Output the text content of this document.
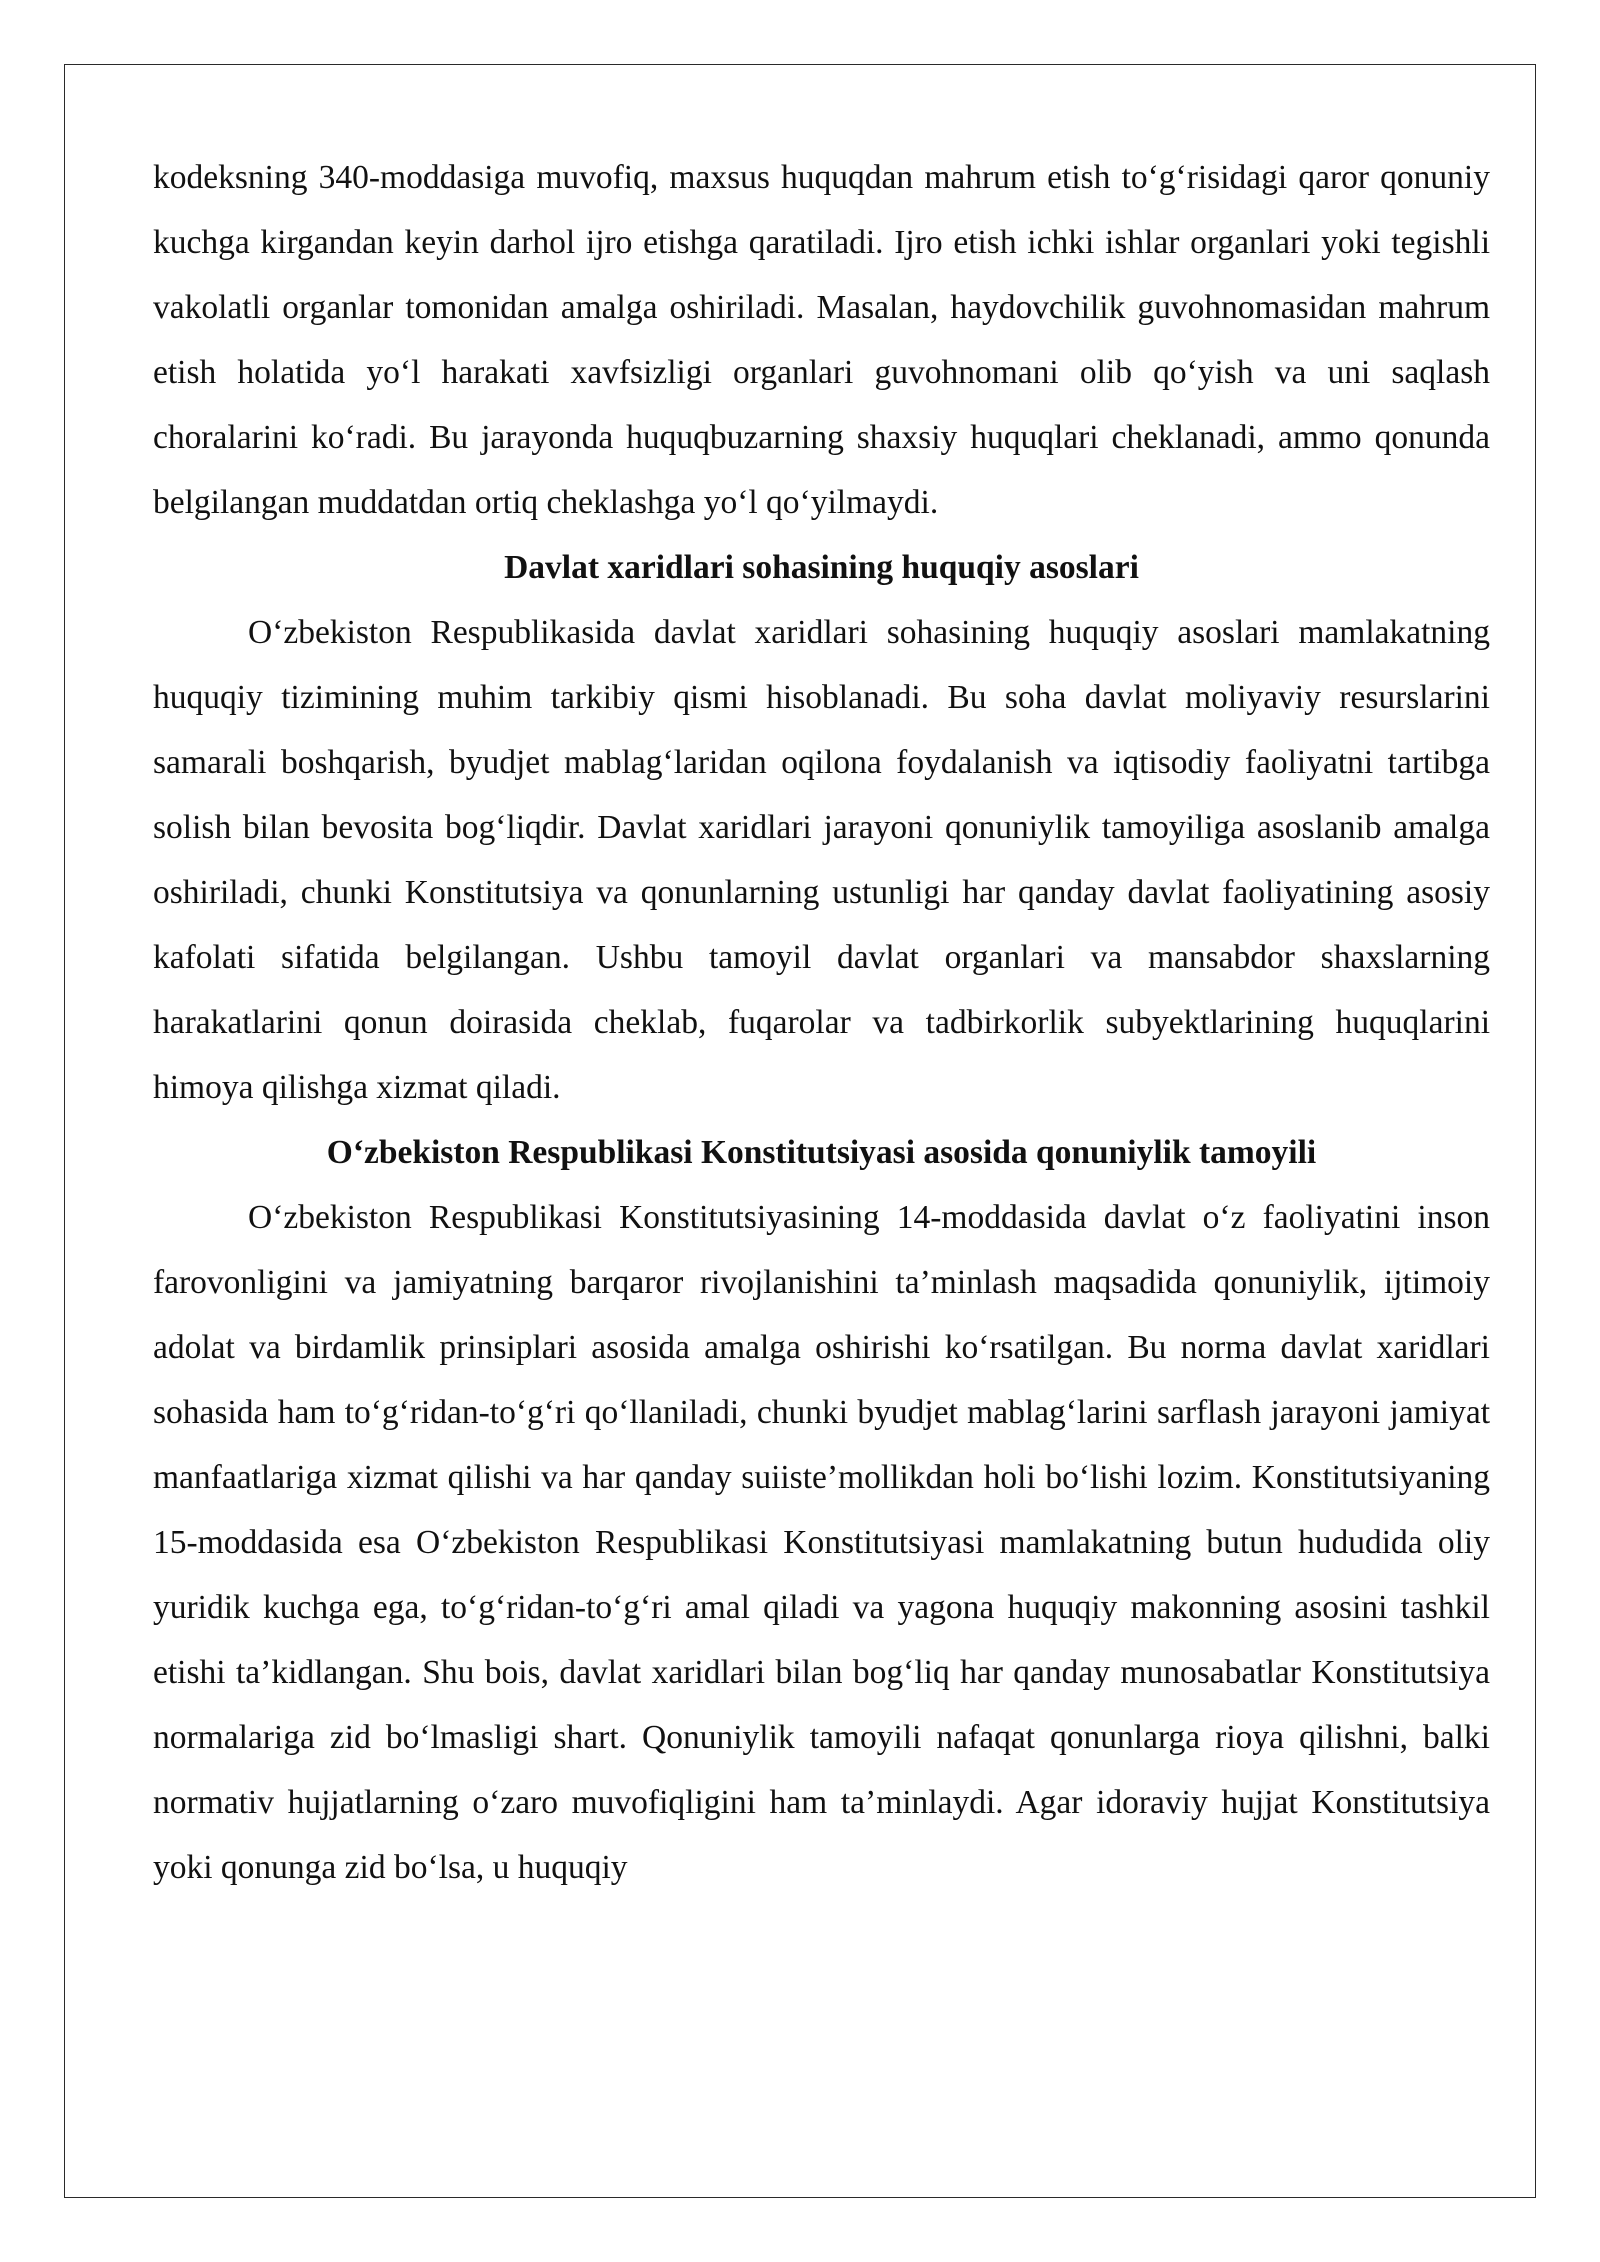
kodeksning 340-moddasiga muvofiq, maxsus huquqdan mahrum etish to‘g‘risidagi qaror qonuniy kuchga kirgandan keyin darhol ijro etishga qaratiladi. Ijro etish ichki ishlar organlari yoki tegishli vakolatli organlar tomonidan amalga oshiriladi. Masalan, haydovchilik guvohnomasidan mahrum etish holatida yo‘l harakati xavfsizligi organlari guvohnomani olib qo‘yish va uni saqlash choralarini ko‘radi. Bu jarayonda huquqbuzarning shaxsiy huquqlari cheklanadi, ammo qonunda belgilangan muddatdan ortiq cheklashga yo‘l qo‘yilmaydi.

Davlat xaridlari sohasining huquqiy asoslari

O‘zbekiston Respublikasida davlat xaridlari sohasining huquqiy asoslari mamlakatning huquqiy tizimining muhim tarkibiy qismi hisoblanadi. Bu soha davlat moliyaviy resurslarini samarali boshqarish, byudjet mablag‘laridan oqilona foydalanish va iqtisodiy faoliyatni tartibga solish bilan bevosita bog‘liqdir. Davlat xaridlari jarayoni qonuniylik tamoyiliga asoslanib amalga oshiriladi, chunki Konstitutsiya va qonunlarning ustunligi har qanday davlat faoliyatining asosiy kafolati sifatida belgilangan. Ushbu tamoyil davlat organlari va mansabdor shaxslarning harakatlarini qonun doirasida cheklab, fuqarolar va tadbirkorlik subyektlarining huquqlarini himoya qilishga xizmat qiladi.

O‘zbekiston Respublikasi Konstitutsiyasi asosida qonuniylik tamoyili

O‘zbekiston Respublikasi Konstitutsiyasining 14-moddasida davlat o‘z faoliyatini inson farovonligini va jamiyatning barqaror rivojlanishini ta’minlash maqsadida qonuniylik, ijtimoiy adolat va birdamlik prinsiplari asosida amalga oshirishi ko‘rsatilgan. Bu norma davlat xaridlari sohasida ham to‘g‘ridan-to‘g‘ri qo‘llaniladi, chunki byudjet mablag‘larini sarflash jarayoni jamiyat manfaatlariga xizmat qilishi va har qanday suiiste’mollikdan holi bo‘lishi lozim. Konstitutsiyaning 15-moddasida esa O‘zbekiston Respublikasi Konstitutsiyasi mamlakatning butun hududida oliy yuridik kuchga ega, to‘g‘ridan-to‘g‘ri amal qiladi va yagona huquqiy makonning asosini tashkil etishi ta’kidlangan. Shu bois, davlat xaridlari bilan bog‘liq har qanday munosabatlar Konstitutsiya normalariga zid bo‘lmasligi shart. Qonuniylik tamoyili nafaqat qonunlarga rioya qilishni, balki normativ hujjatlarning o‘zaro muvofiqligini ham ta’minlaydi. Agar idoraviy hujjat Konstitutsiya yoki qonunga zid bo‘lsa, u huquqiy
